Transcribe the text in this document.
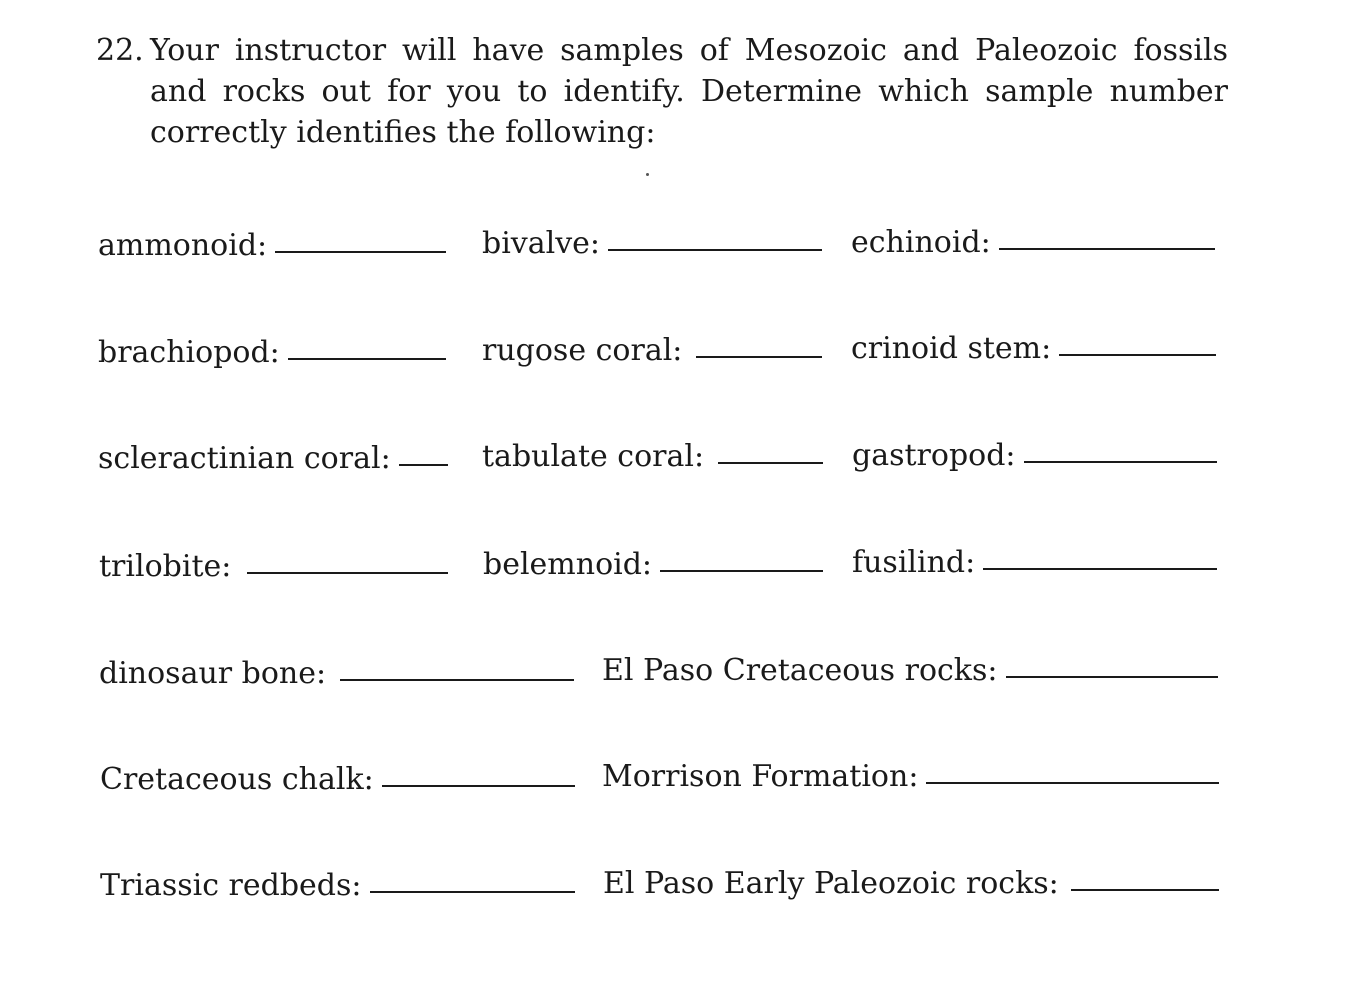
22. Your instructor will have samples of Mesozoic and Paleozoic fossils and rocks out for you to identify. Determine which sample number correctly identifies the following:
ammonoid:	bivalve:	echinoid:
brachiopod:	rugose coral:	crinoid stem:
scleractinian coral:	tabulate coral:	gastropod:
trilobite:	belemnoid:	fusilind:
dinosaur bone:	El Paso Cretaceous rocks:
Cretaceous chalk:	Morrison Formation:
Triassic redbeds:	El Paso Early Paleozoic rocks:
